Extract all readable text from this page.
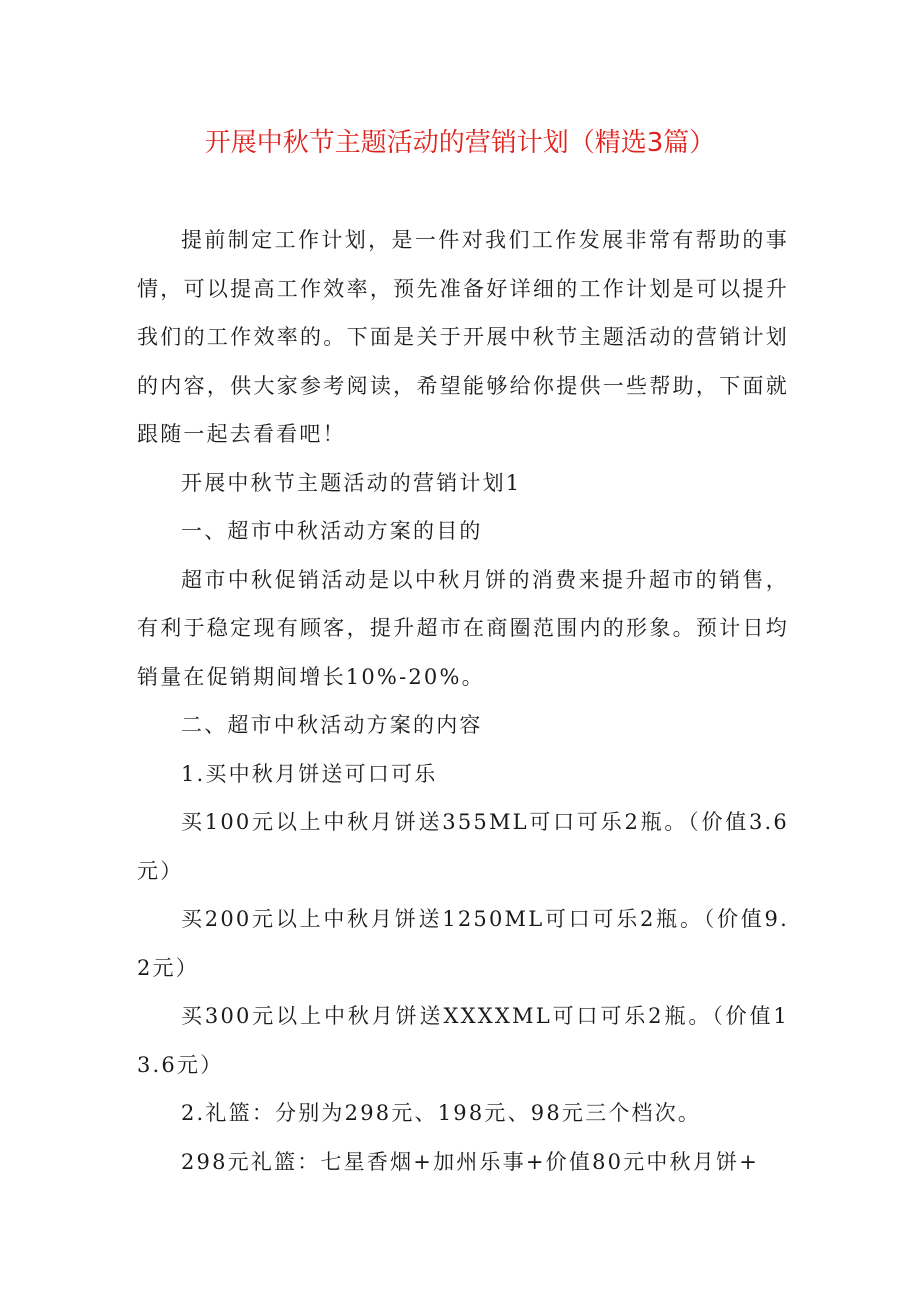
开展中秋节主题活动的营销计划（精选3篇）

提前制定工作计划，是一件对我们工作发展非常有帮助的事情，可以提高工作效率，预先准备好详细的工作计划是可以提升我们的工作效率的。下面是关于开展中秋节主题活动的营销计划的内容，供大家参考阅读，希望能够给你提供一些帮助，下面就跟随一起去看看吧！

开展中秋节主题活动的营销计划1

一、超市中秋活动方案的目的

超市中秋促销活动是以中秋月饼的消费来提升超市的销售，有利于稳定现有顾客，提升超市在商圈范围内的形象。预计日均销量在促销期间增长10%-20%。

二、超市中秋活动方案的内容

1.买中秋月饼送可口可乐

买100元以上中秋月饼送355ML可口可乐2瓶。（价值3.6元）

买200元以上中秋月饼送1250ML可口可乐2瓶。（价值9.2元）

买300元以上中秋月饼送XXXXML可口可乐2瓶。（价值13.6元）

2.礼篮：分别为298元、198元、98元三个档次。

298元礼篮：七星香烟+加州乐事+价值80元中秋月饼+
